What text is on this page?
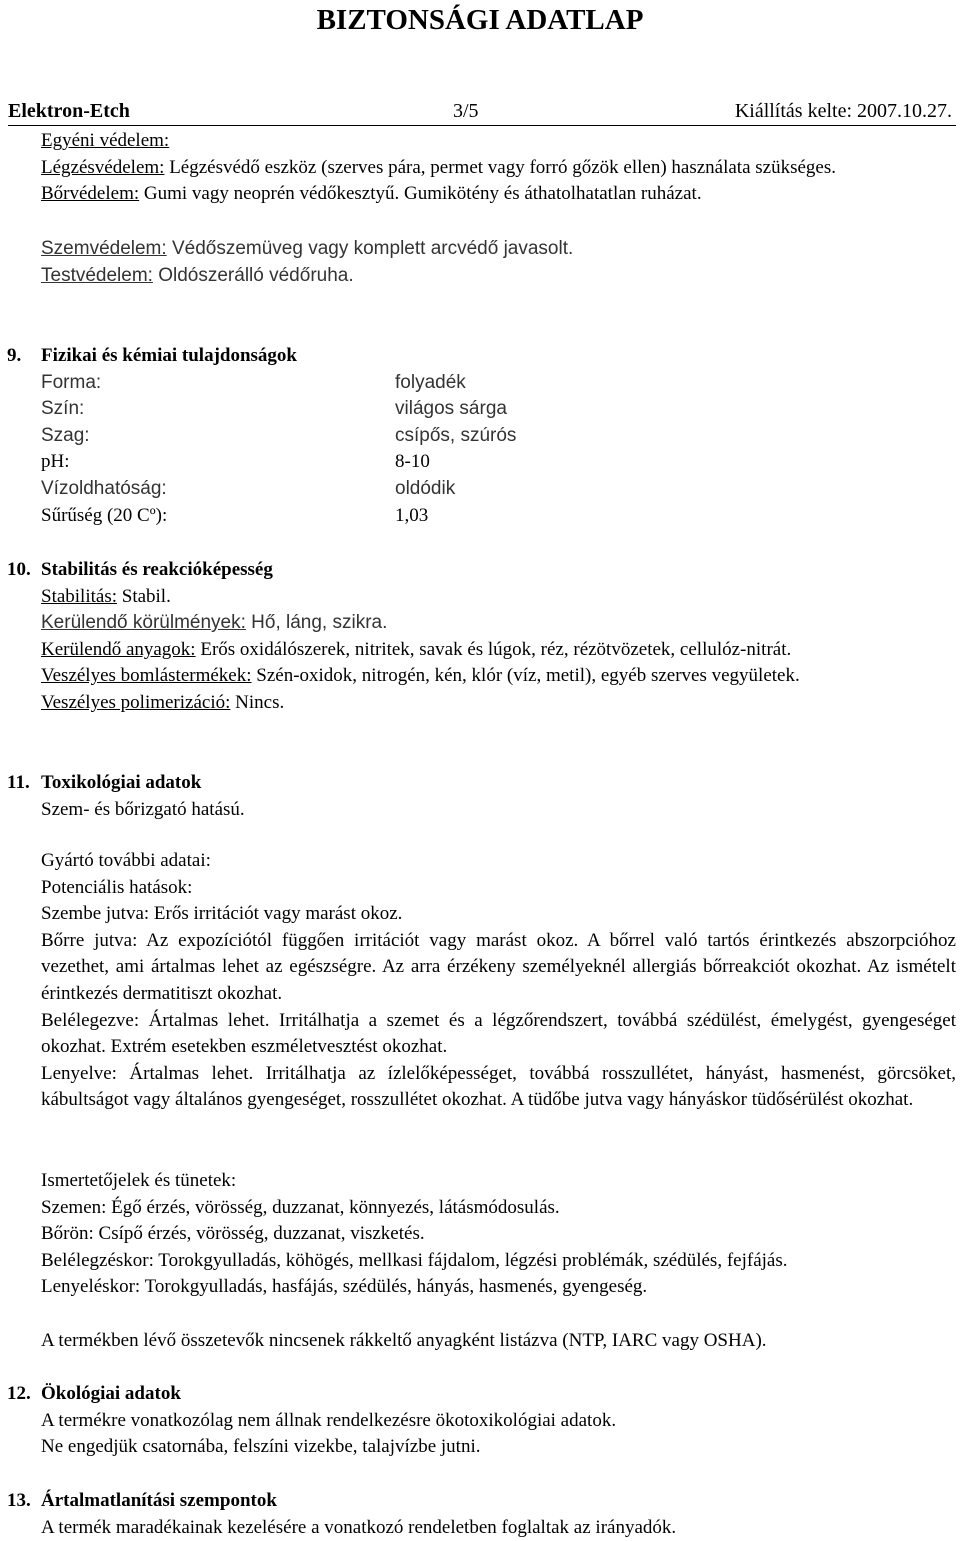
BIZTONSÁGI ADATLAP
Elektron-Etch	3/5	Kiállítás kelte: 2007.10.27.
Egyéni védelem:
Légzésvédelem: Légzésvédő eszköz (szerves pára, permet vagy forró gőzök ellen) használata szükséges.
Bőrvédelem: Gumi vagy neoprén védőkesztyű. Gumikötény és áthatolhatatlan ruházat.
Szemvédelem: Védőszemüveg vagy komplett arcvédő javasolt.
Testvédelem: Oldószerálló védőruha.
9. Fizikai és kémiai tulajdonságok
Forma:	folyadék
Szín:	világos sárga
Szag:	csípős, szúrós
pH:	8-10
Vízoldhatóság:	oldódik
Sűrűség (20 Cº):	1,03
10. Stabilitás és reakcióképesség
Stabilitás: Stabil.
Kerülendő körülmények: Hő, láng, szikra.
Kerülendő anyagok: Erős oxidálószerek, nitritek, savak és lúgok, réz, rézötvözetek, cellulóz-nitrát.
Veszélyes bomlástermékek: Szén-oxidok, nitrogén, kén, klór (víz, metil), egyéb szerves vegyületek.
Veszélyes polimerizáció: Nincs.
11. Toxikológiai adatok
Szem- és bőrizgató hatású.
Gyártó további adatai:
Potenciális hatások:
Szembe jutva: Erős irritációt vagy marást okoz.
Bőrre jutva: Az expozíciótól függően irritációt vagy marást okoz. A bőrrel való tartós érintkezés abszorpcióhoz vezethet, ami ártalmas lehet az egészségre. Az arra érzékeny személyeknél allergiás bőrreakciót okozhat. Az ismételt érintkezés dermatitiszt okozhat.
Belélegezve: Ártalmas lehet. Irritálhatja a szemet és a légzőrendszert, továbbá szédülést, émelygést, gyengeséget okozhat. Extrém esetekben eszméletvesztést okozhat.
Lenyelve: Ártalmas lehet. Irritálhatja az ízlelőképességet, továbbá rosszullétet, hányást, hasmenést, görcsöket, kábultságot vagy általános gyengeséget, rosszullétet okozhat. A tüdőbe jutva vagy hányáskor tüdősérülést okozhat.
Ismertetőjelek és tünetek:
Szemen: Égő érzés, vörösség, duzzanat, könnyezés, látásmódosulás.
Bőrön: Csípő érzés, vörösség, duzzanat, viszketés.
Belélegzéskor: Torokgyulladás, köhögés, mellkasi fájdalom, légzési problémák, szédülés, fejfájás.
Lenyeléskor: Torokgyulladás, hasfájás, szédülés, hányás, hasmenés, gyengeség.
A termékben lévő összetevők nincsenek rákkeltő anyagként listázva (NTP, IARC vagy OSHA).
12. Ökológiai adatok
A termékre vonatkozólag nem állnak rendelkezésre ökotoxikológiai adatok.
Ne engedjük csatornába, felszíni vizekbe, talajvízbe jutni.
13. Ártalmatlanítási szempontok
A termék maradékainak kezelésére a vonatkozó rendeletben foglaltak az irányadók.
